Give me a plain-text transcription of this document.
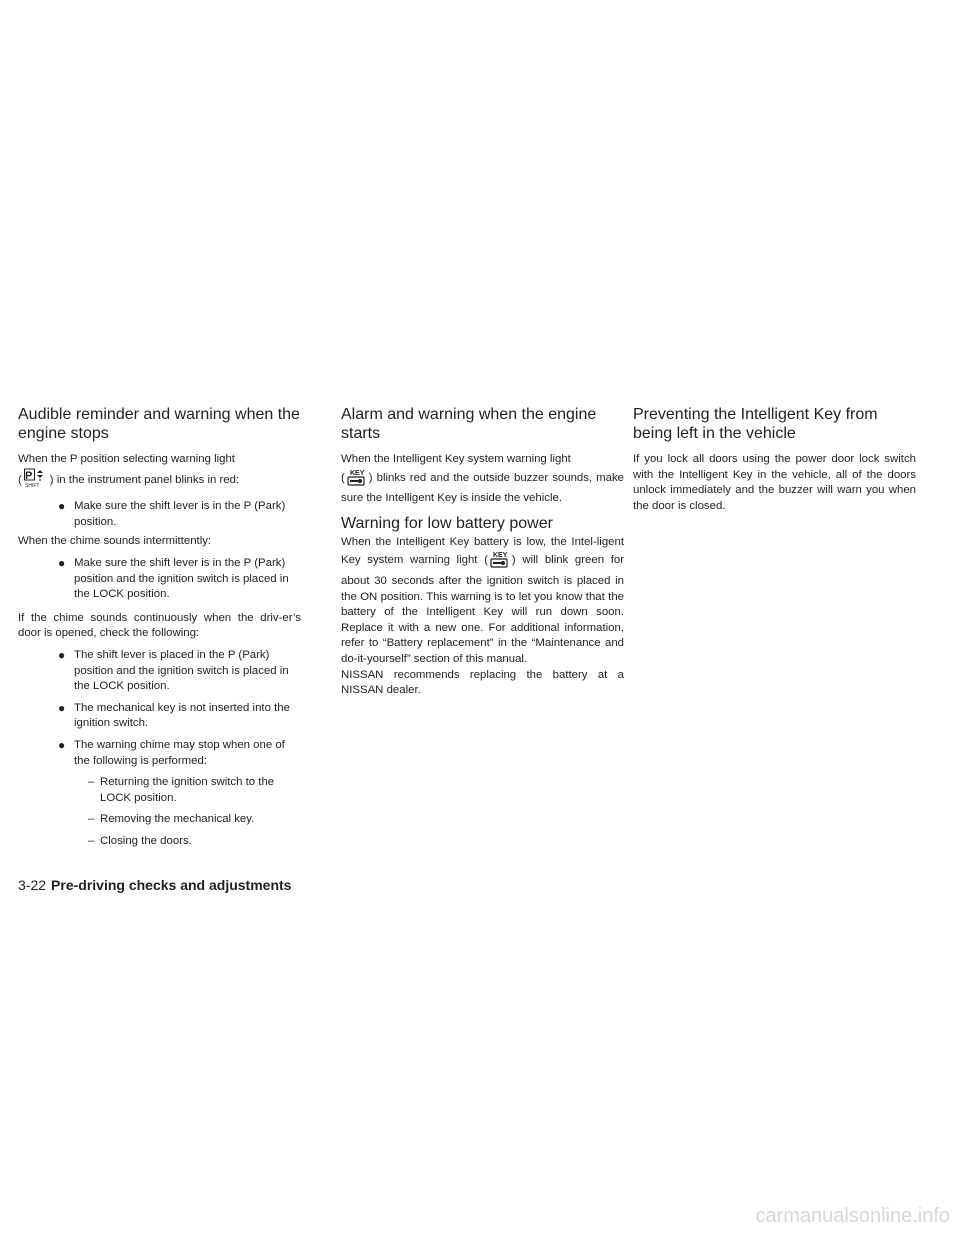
Audible reminder and warning when the engine stops

When the P position selecting warning light
( P
SHIFT ) in the instrument panel blinks in red:

● Make sure the shift lever is in the P (Park) position.

When the chime sounds intermittently:

● Make sure the shift lever is in the P (Park) position and the ignition switch is placed in the LOCK position.

If the chime sounds continuously when the driv-er’s door is opened, check the following:

● The shift lever is placed in the P (Park) position and the ignition switch is placed in the LOCK position.
● The mechanical key is not inserted into the ignition switch.
● The warning chime may stop when one of the following is performed:
– Returning the ignition switch to the LOCK position.
– Removing the mechanical key.
– Closing the doors.
Alarm and warning when the engine starts

When the Intelligent Key system warning light
( KEY ) blinks red and the outside buzzer sounds, make sure the Intelligent Key is inside the vehicle.

Warning for low battery power

When the Intelligent Key battery is low, the Intel-ligent Key system warning light ( KEY ) will blink green for about 30 seconds after the ignition switch is placed in the ON position. This warning is to let you know that the battery of the Intelligent Key will run down soon. Replace it with a new one. For additional information, refer to “Battery replacement” in the “Maintenance and do-it-yourself” section of this manual.

NISSAN recommends replacing the battery at a NISSAN dealer.

Preventing the Intelligent Key from being left in the vehicle

If you lock all doors using the power door lock switch with the Intelligent Key in the vehicle, all of the doors unlock immediately and the buzzer will warn you when the door is closed.

3-22 Pre-driving checks and adjustments
carmanualsonline.info
